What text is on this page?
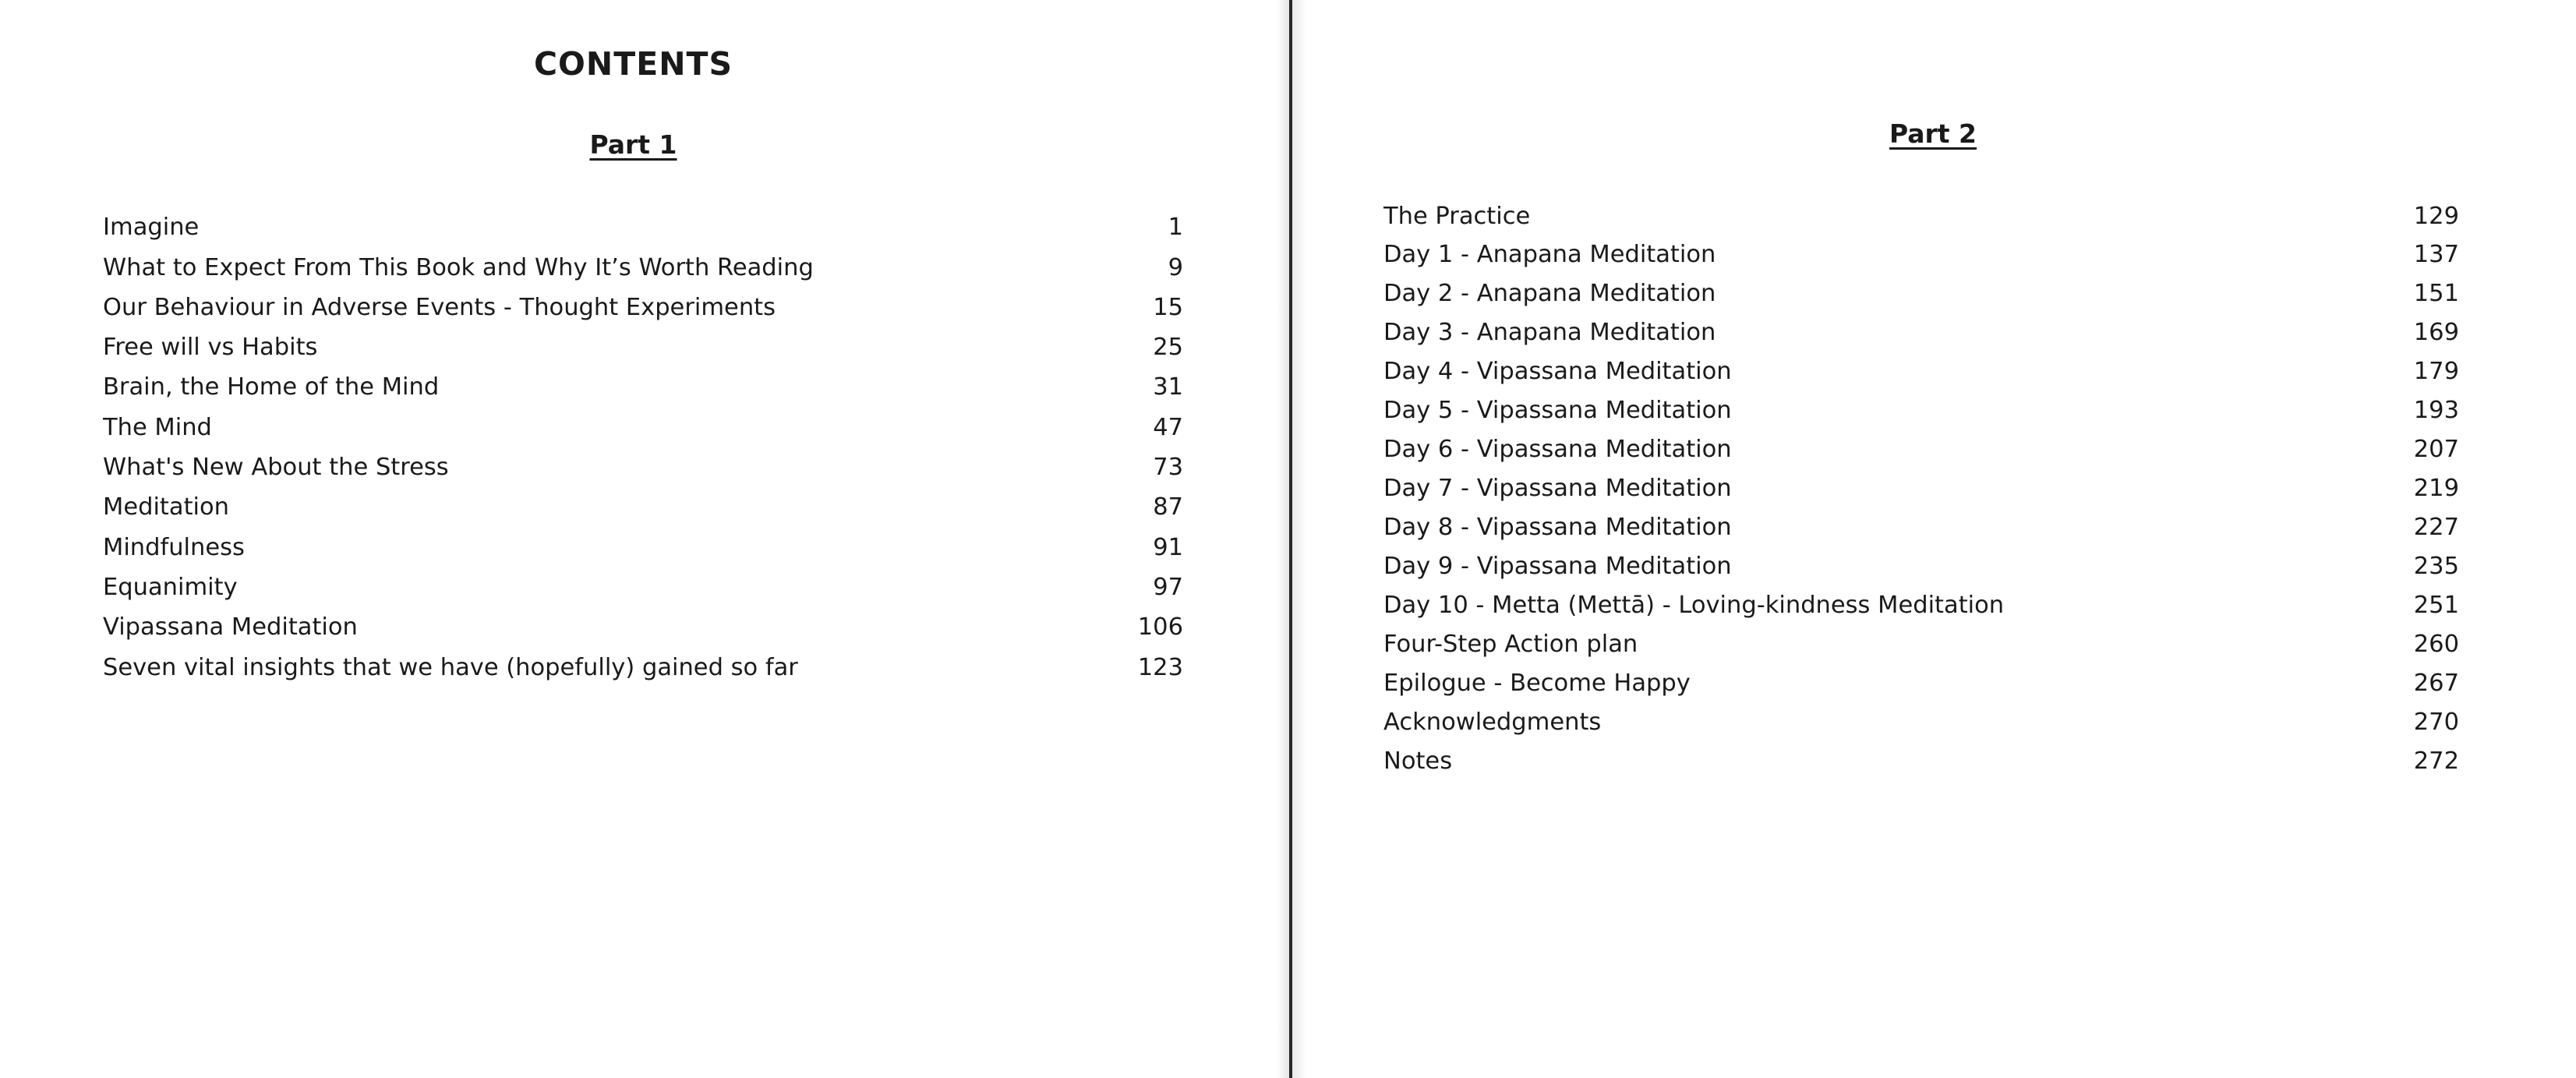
CONTENTS
Part 1
Imagine	1
What to Expect From This Book and Why It’s Worth Reading	9
Our Behaviour in Adverse Events - Thought Experiments	15
Free will vs Habits	25
Brain, the Home of the Mind	31
The Mind	47
What's New About the Stress	73
Meditation	87
Mindfulness	91
Equanimity	97
Vipassana Meditation	106
Seven vital insights that we have (hopefully) gained so far	123
Part 2
The Practice	129
Day 1 - Anapana Meditation	137
Day 2 - Anapana Meditation	151
Day 3 - Anapana Meditation	169
Day 4 - Vipassana Meditation	179
Day 5 - Vipassana Meditation	193
Day 6 - Vipassana Meditation	207
Day 7 - Vipassana Meditation	219
Day 8 - Vipassana Meditation	227
Day 9 - Vipassana Meditation	235
Day 10 - Metta (Mettā) - Loving-kindness Meditation	251
Four-Step Action plan	260
Epilogue - Become Happy	267
Acknowledgments	270
Notes	272
